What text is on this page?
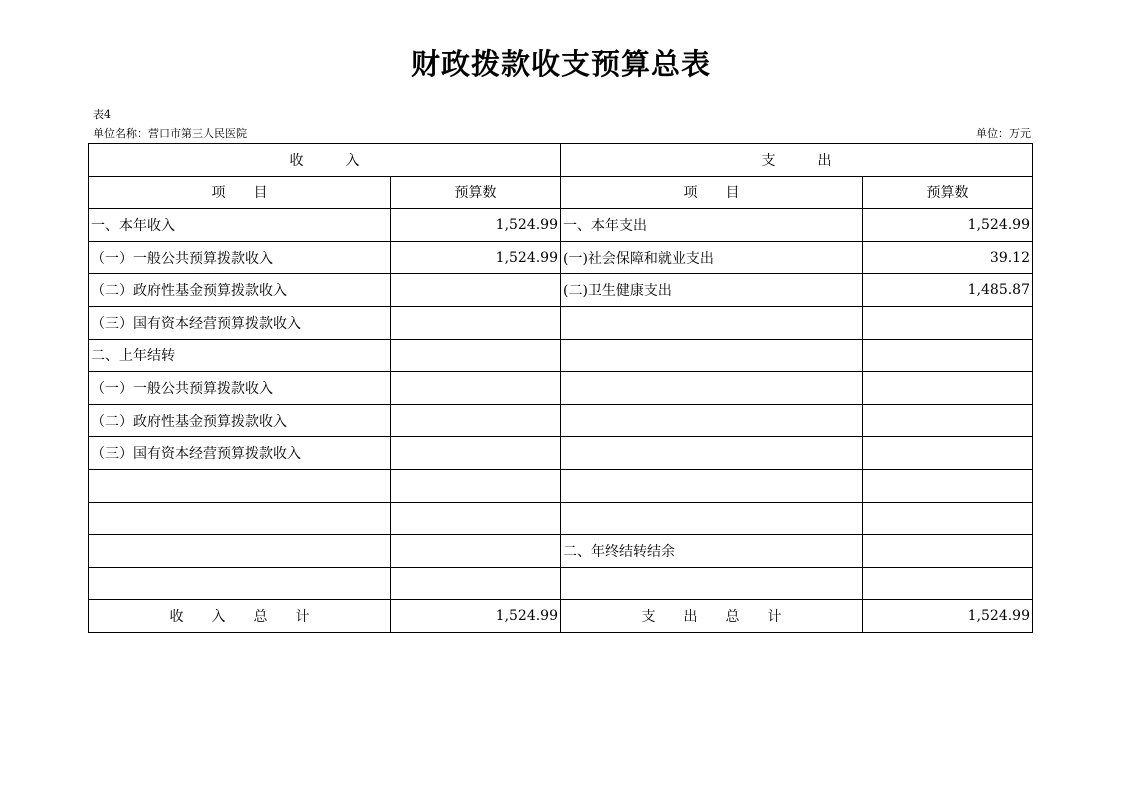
财政拨款收支预算总表
表4
单位名称：营口市第三人民医院	单位：万元
收　　　入		支　　　出	
项　　目	预算数	项　　目	预算数
一、本年收入	1,524.99	一、本年支出	1,524.99
（一）一般公共预算拨款收入	1,524.99	(一)社会保障和就业支出	39.12
（二）政府性基金预算拨款收入		(二)卫生健康支出	1,485.87
（三）国有资本经营预算拨款收入			
二、上年结转			
（一）一般公共预算拨款收入			
（二）政府性基金预算拨款收入			
（三）国有资本经营预算拨款收入			

		二、年终结转结余	

收　　入　　总　　计	1,524.99	支　　出　　总　　计	1,524.99
